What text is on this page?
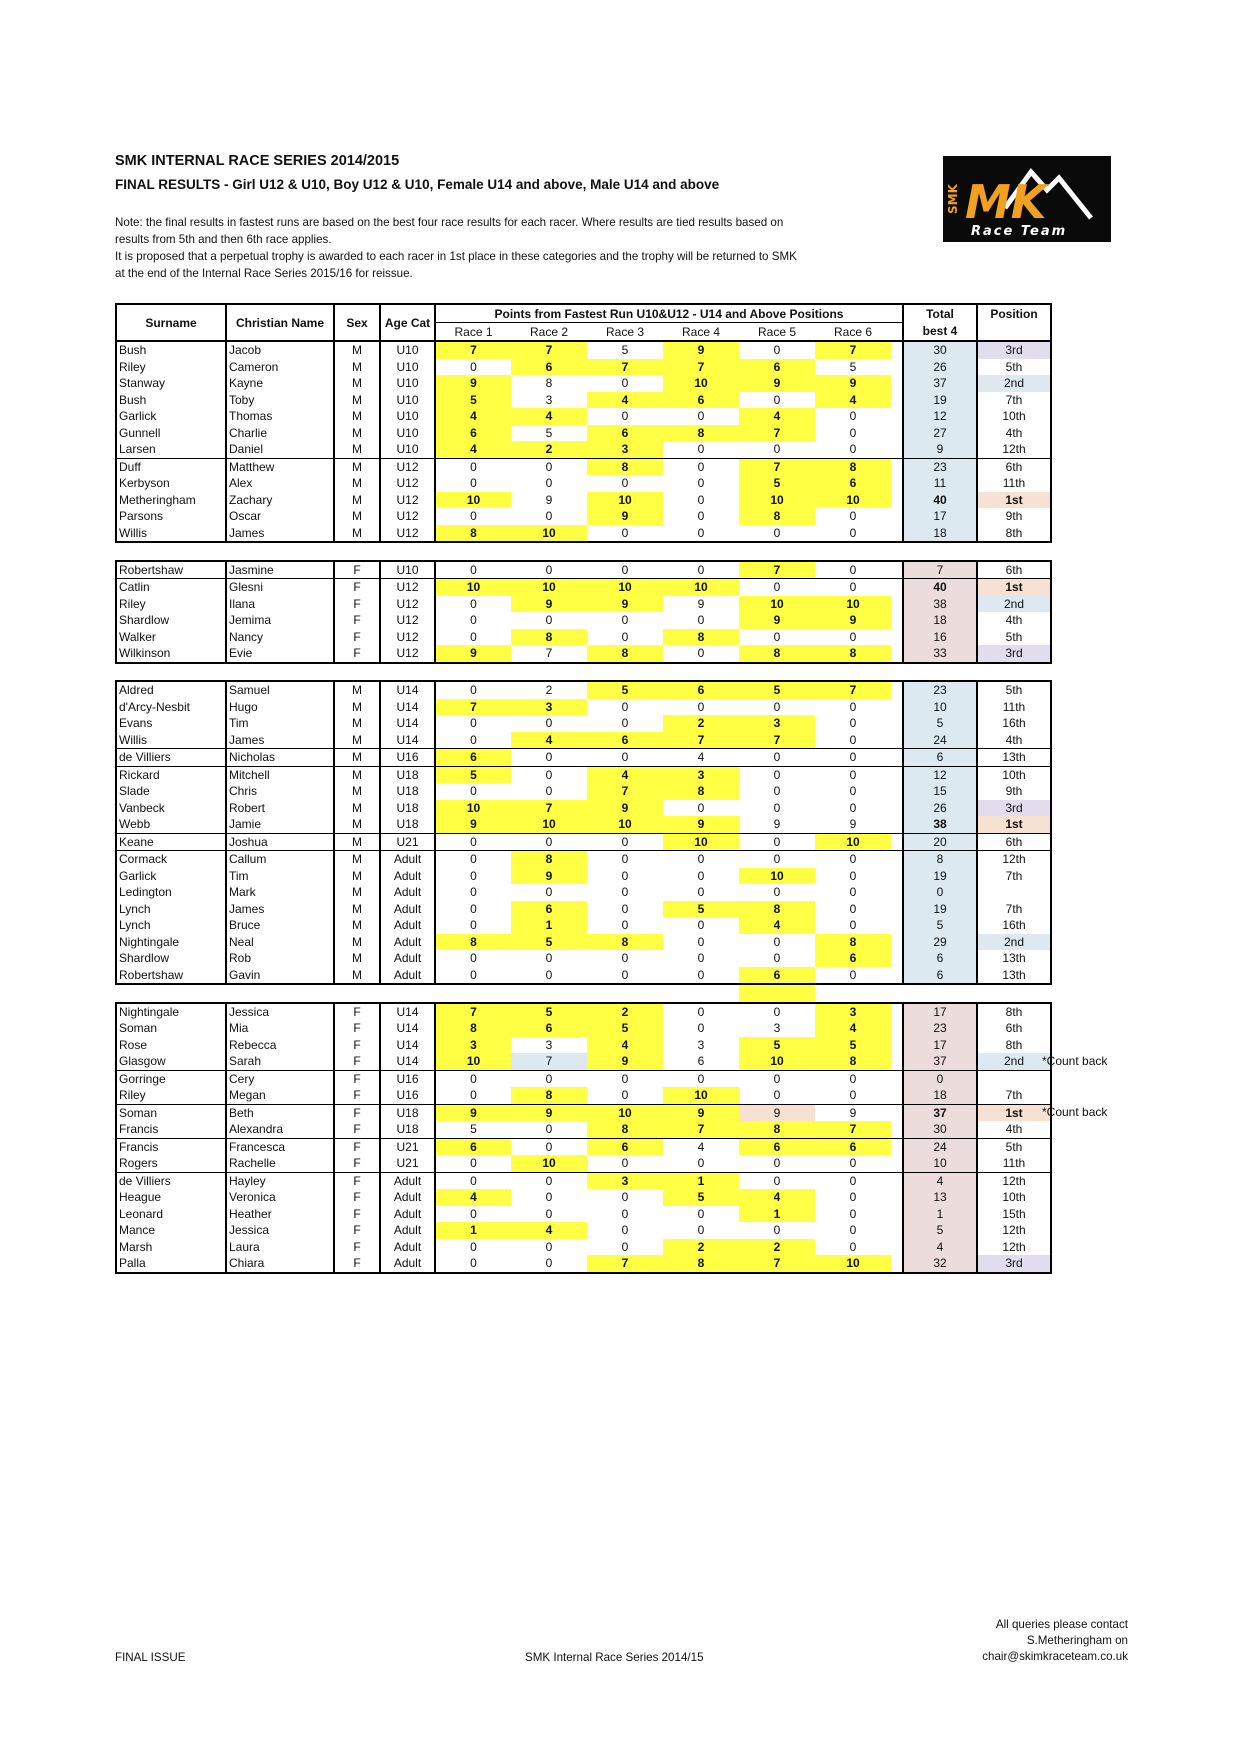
SMK INTERNAL RACE SERIES 2014/2015
FINAL RESULTS - Girl U12 & U10, Boy U12 & U10, Female U14 and above, Male U14 and above
Note: the final results in fastest runs are based on the best four race results for each racer. Where results are tied results based on
results from 5th and then 6th race applies.
It is proposed that a perpetual trophy is awarded to each racer in 1st place in these categories and the trophy will be returned to SMK
at the end of the Internal Race Series 2015/16 for reissue.
SMK MK
Race Team
Surname	Christian Name	Sex	Age Cat	Points from Fastest Run U10&U12 - U14 and Above Positions							Total	Position
				Race 1	Race 2	Race 3	Race 4	Race 5	Race 6		best 4	
Bush	Jacob	M	U10	7	7	5	9	0	7		30	3rd
Riley	Cameron	M	U10	0	6	7	7	6	5		26	5th
Stanway	Kayne	M	U10	9	8	0	10	9	9		37	2nd
Bush	Toby	M	U10	5	3	4	6	0	4		19	7th
Garlick	Thomas	M	U10	4	4	0	0	4	0		12	10th
Gunnell	Charlie	M	U10	6	5	6	8	7	0		27	4th
Larsen	Daniel	M	U10	4	2	3	0	0	0		9	12th
Duff	Matthew	M	U12	0	0	8	0	7	8		23	6th
Kerbyson	Alex	M	U12	0	0	0	0	5	6		11	11th
Metheringham	Zachary	M	U12	10	9	10	0	10	10		40	1st
Parsons	Oscar	M	U12	0	0	9	0	8	0		17	9th
Willis	James	M	U12	8	10	0	0	0	0		18	8th

Robertshaw	Jasmine	F	U10	0	0	0	0	7	0		7	6th
Catlin	Glesni	F	U12	10	10	10	10	0	0		40	1st
Riley	Ilana	F	U12	0	9	9	9	10	10		38	2nd
Shardlow	Jemima	F	U12	0	0	0	0	9	9		18	4th
Walker	Nancy	F	U12	0	8	0	8	0	0		16	5th
Wilkinson	Evie	F	U12	9	7	8	0	8	8		33	3rd

Aldred	Samuel	M	U14	0	2	5	6	5	7		23	5th
d'Arcy-Nesbit	Hugo	M	U14	7	3	0	0	0	0		10	11th
Evans	Tim	M	U14	0	0	0	2	3	0		5	16th
Willis	James	M	U14	0	4	6	7	7	0		24	4th
de Villiers	Nicholas	M	U16	6	0	0	4	0	0		6	13th
Rickard	Mitchell	M	U18	5	0	4	3	0	0		12	10th
Slade	Chris	M	U18	0	0	7	8	0	0		15	9th
Vanbeck	Robert	M	U18	10	7	9	0	0	0		26	3rd
Webb	Jamie	M	U18	9	10	10	9	9	9		38	1st
Keane	Joshua	M	U21	0	0	0	10	0	10		20	6th
Cormack	Callum	M	Adult	0	8	0	0	0	0		8	12th
Garlick	Tim	M	Adult	0	9	0	0	10	0		19	7th
Ledington	Mark	M	Adult	0	0	0	0	0	0		0	
Lynch	James	M	Adult	0	6	0	5	8	0		19	7th
Lynch	Bruce	M	Adult	0	1	0	0	4	0		5	16th
Nightingale	Neal	M	Adult	8	5	8	0	0	8		29	2nd
Shardlow	Rob	M	Adult	0	0	0	0	0	6		6	13th
Robertshaw	Gavin	M	Adult	0	0	0	0	6	0		6	13th

Nightingale	Jessica	F	U14	7	5	2	0	0	3		17	8th
Soman	Mia	F	U14	8	6	5	0	3	4		23	6th
Rose	Rebecca	F	U14	3	3	4	3	5	5		17	8th
Glasgow	Sarah	F	U14	10	7	9	6	10	8		37	2nd
Gorringe	Cery	F	U16	0	0	0	0	0	0		0	
Riley	Megan	F	U16	0	8	0	10	0	0		18	7th
Soman	Beth	F	U18	9	9	10	9	9	9		37	1st
Francis	Alexandra	F	U18	5	0	8	7	8	7		30	4th
Francis	Francesca	F	U21	6	0	6	4	6	6		24	5th
Rogers	Rachelle	F	U21	0	10	0	0	0	0		10	11th
de Villiers	Hayley	F	Adult	0	0	3	1	0	0		4	12th
Heague	Veronica	F	Adult	4	0	0	5	4	0		13	10th
Leonard	Heather	F	Adult	0	0	0	0	1	0		1	15th
Mance	Jessica	F	Adult	1	4	0	0	0	0		5	12th
Marsh	Laura	F	Adult	0	0	0	2	2	0		4	12th
Palla	Chiara	F	Adult	0	0	7	8	7	10		32	3rd
*Count back
*Count back
FINAL ISSUE	SMK Internal Race Series 2014/15
All queries please contact
S.Metheringham on
chair@skimkraceteam.co.uk
